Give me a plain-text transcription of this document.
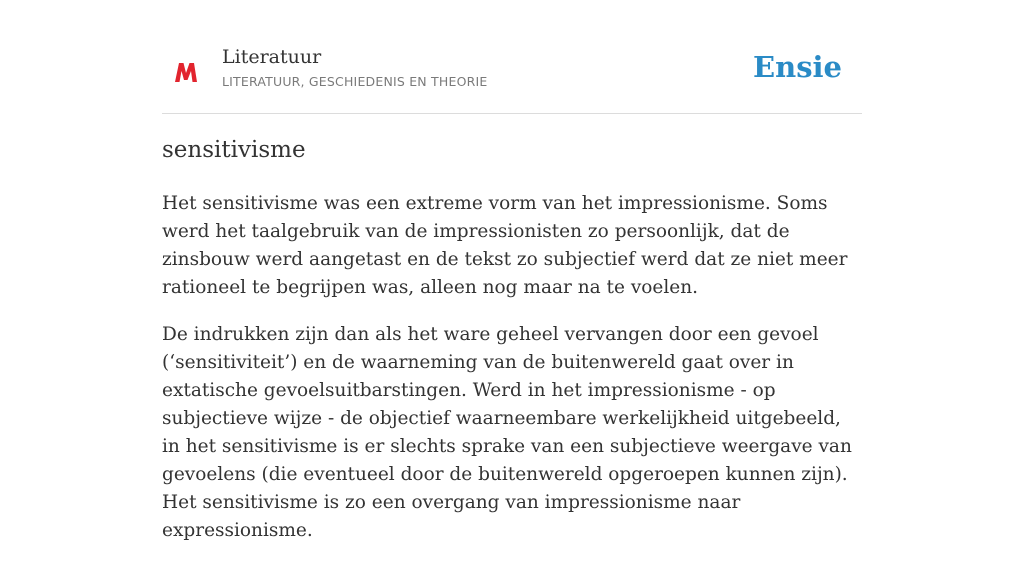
Literatuur
LITERATUUR, GESCHIEDENIS EN THEORIE	Ensie
sensitivisme

Het sensitivisme was een extreme vorm van het impressionisme. Soms werd het taalgebruik van de impressionisten zo persoonlijk, dat de zinsbouw werd aangetast en de tekst zo subjectief werd dat ze niet meer rationeel te begrijpen was, alleen nog maar na te voelen.

De indrukken zijn dan als het ware geheel vervangen door een gevoel (‘sensitiviteit’) en de waarneming van de buitenwereld gaat over in extatische gevoelsuitbarstingen. Werd in het impressionisme - op subjectieve wijze - de objectief waarneembare werkelijkheid uitgebeeld, in het sensitivisme is er slechts sprake van een subjectieve weergave van gevoelens (die eventueel door de buitenwereld opgeroepen kunnen zijn). Het sensitivisme is zo een overgang van impressionisme naar expressionisme.
